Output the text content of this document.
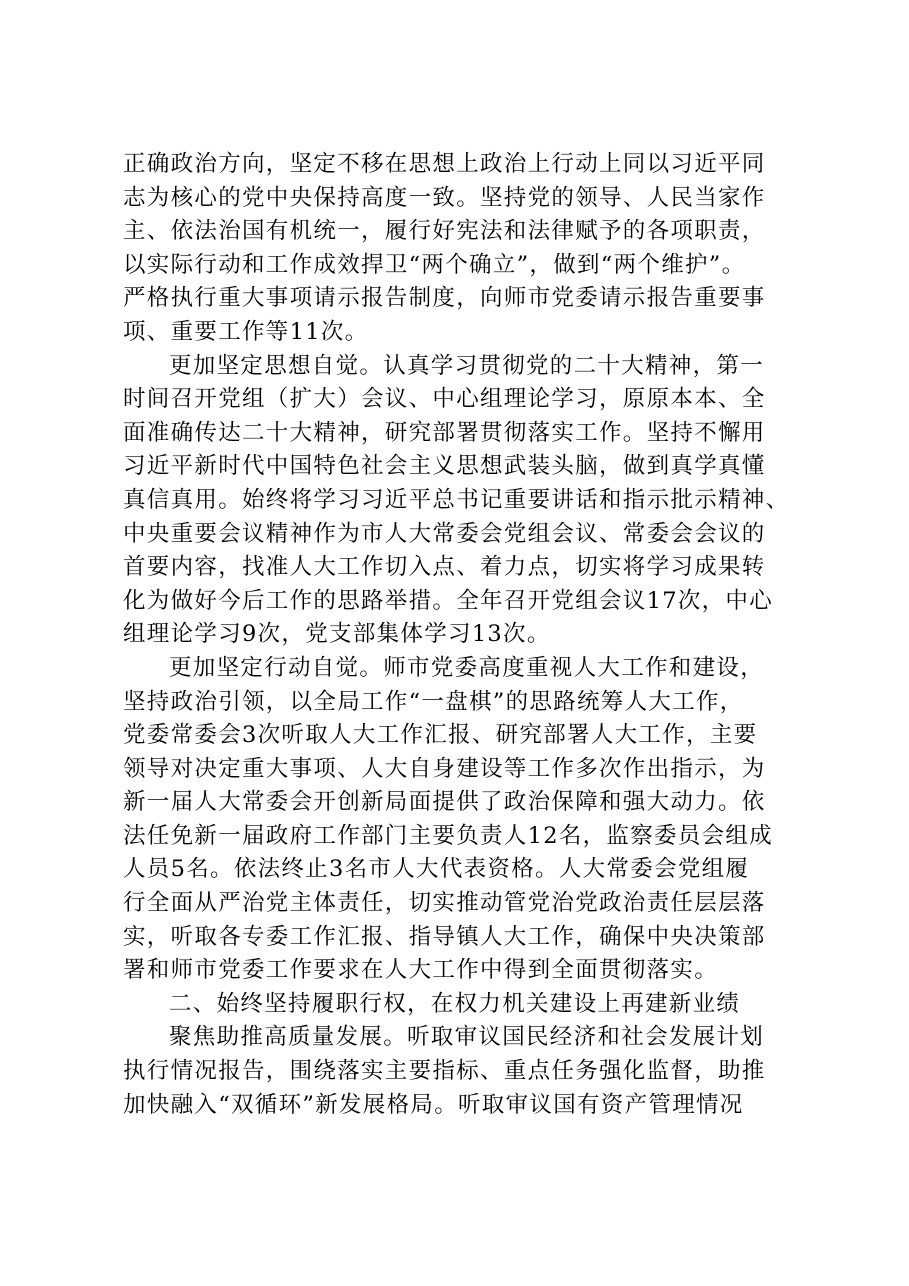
正确政治方向，坚定不移在思想上政治上行动上同以习近平同
志为核心的党中央保持高度一致。坚持党的领导、人民当家作
主、依法治国有机统一，履行好宪法和法律赋予的各项职责，
以实际行动和工作成效捍卫“两个确立”，做到“两个维护”。
严格执行重大事项请示报告制度，向师市党委请示报告重要事
项、重要工作等11次。
更加坚定思想自觉。认真学习贯彻党的二十大精神，第一
时间召开党组（扩大）会议、中心组理论学习，原原本本、全
面准确传达二十大精神，研究部署贯彻落实工作。坚持不懈用
习近平新时代中国特色社会主义思想武装头脑，做到真学真懂
真信真用。始终将学习习近平总书记重要讲话和指示批示精神、
中央重要会议精神作为市人大常委会党组会议、常委会会议的
首要内容，找准人大工作切入点、着力点，切实将学习成果转
化为做好今后工作的思路举措。全年召开党组会议17次，中心
组理论学习9次，党支部集体学习13次。
更加坚定行动自觉。师市党委高度重视人大工作和建设，
坚持政治引领，以全局工作“一盘棋”的思路统筹人大工作，
党委常委会3次听取人大工作汇报、研究部署人大工作，主要
领导对决定重大事项、人大自身建设等工作多次作出指示，为
新一届人大常委会开创新局面提供了政治保障和强大动力。依
法任免新一届政府工作部门主要负责人12名，监察委员会组成
人员5名。依法终止3名市人大代表资格。人大常委会党组履
行全面从严治党主体责任，切实推动管党治党政治责任层层落
实，听取各专委工作汇报、指导镇人大工作，确保中央决策部
署和师市党委工作要求在人大工作中得到全面贯彻落实。
二、始终坚持履职行权，在权力机关建设上再建新业绩
聚焦助推高质量发展。听取审议国民经济和社会发展计划
执行情况报告，围绕落实主要指标、重点任务强化监督，助推
加快融入“双循环”新发展格局。听取审议国有资产管理情况
